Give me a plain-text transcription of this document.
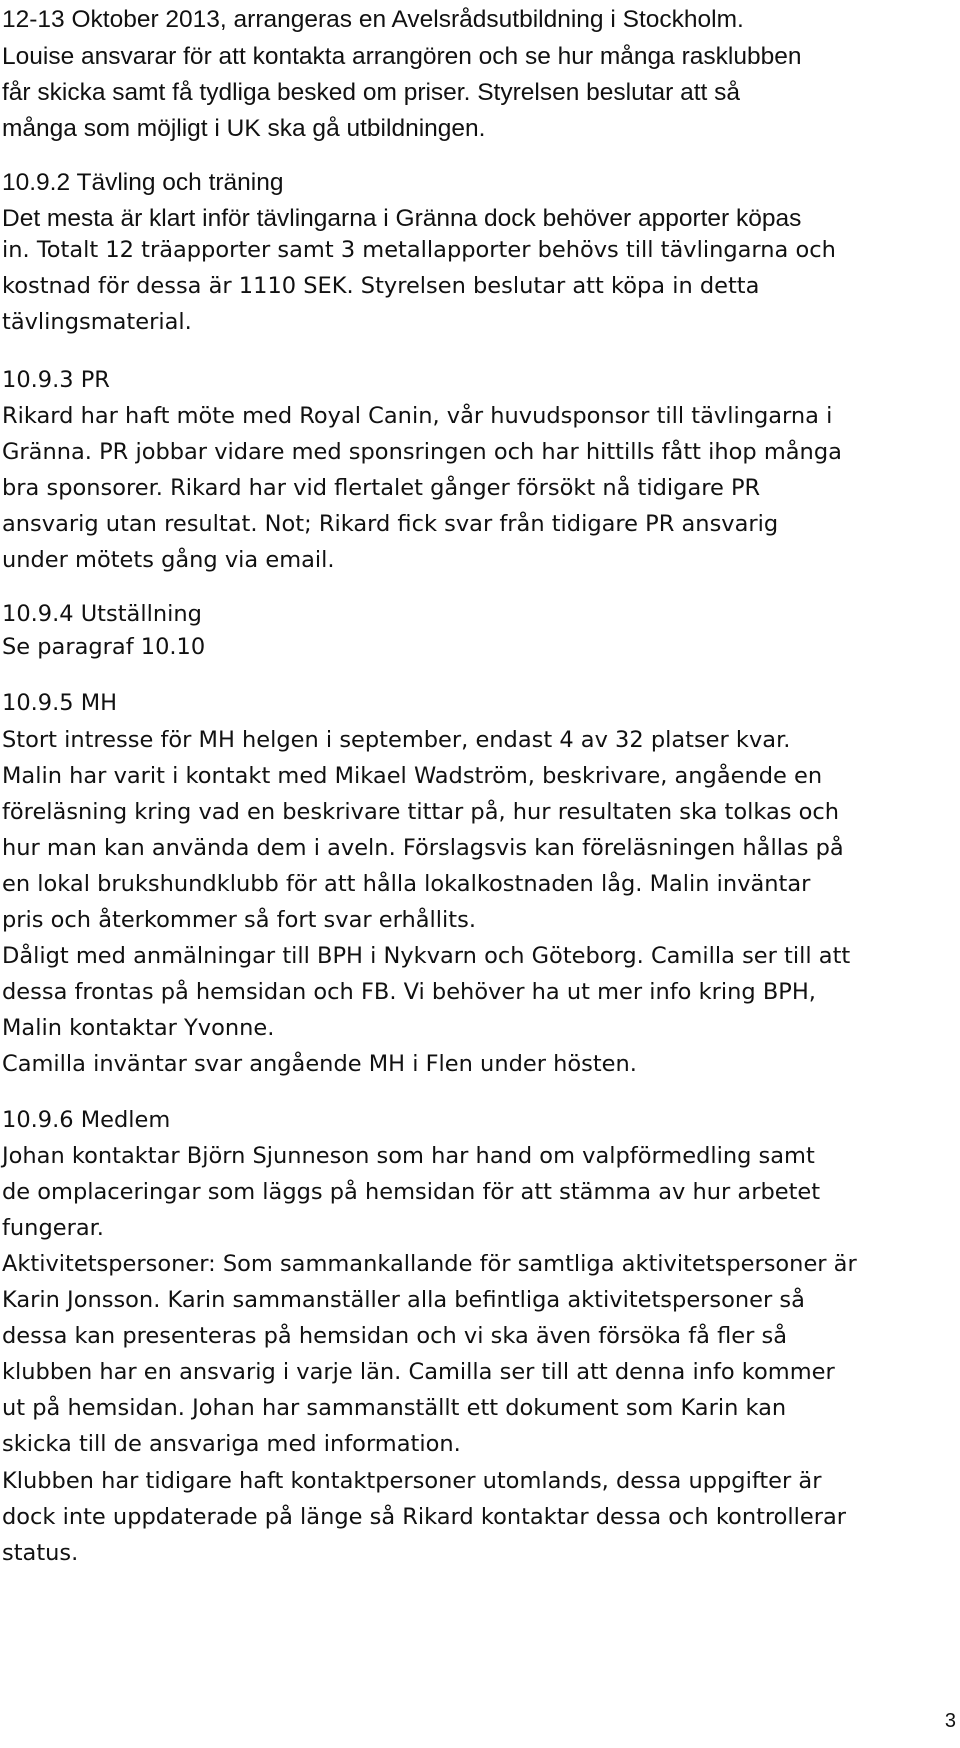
12-13 Oktober 2013, arrangeras en Avelsrådsutbildning i Stockholm.
Louise ansvarar för att kontakta arrangören och se hur många rasklubben
får skicka samt få tydliga besked om priser. Styrelsen beslutar att så
många som möjligt i UK ska gå utbildningen.
10.9.2 Tävling och träning
Det mesta är klart inför tävlingarna i Gränna dock behöver apporter köpas
in. Totalt 12 träapporter samt 3 metallapporter behövs till tävlingarna och
kostnad för dessa är 1110 SEK. Styrelsen beslutar att köpa in detta
tävlingsmaterial.
10.9.3 PR
Rikard har haft möte med Royal Canin, vår huvudsponsor till tävlingarna i
Gränna. PR jobbar vidare med sponsringen och har hittills fått ihop många
bra sponsorer. Rikard har vid flertalet gånger försökt nå tidigare PR
ansvarig utan resultat. Not; Rikard fick svar från tidigare PR ansvarig
under mötets gång via email.
10.9.4 Utställning
Se paragraf 10.10
10.9.5 MH
Stort intresse för MH helgen i september, endast 4 av 32 platser kvar.
Malin har varit i kontakt med Mikael Wadström, beskrivare, angående en
föreläsning kring vad en beskrivare tittar på, hur resultaten ska tolkas och
hur man kan använda dem i aveln. Förslagsvis kan föreläsningen hållas på
en lokal brukshundklubb för att hålla lokalkostnaden låg. Malin inväntar
pris och återkommer så fort svar erhållits.
Dåligt med anmälningar till BPH i Nykvarn och Göteborg. Camilla ser till att
dessa frontas på hemsidan och FB. Vi behöver ha ut mer info kring BPH,
Malin kontaktar Yvonne.
Camilla inväntar svar angående MH i Flen under hösten.
10.9.6 Medlem
Johan kontaktar Björn Sjunneson som har hand om valpförmedling samt
de omplaceringar som läggs på hemsidan för att stämma av hur arbetet
fungerar.
Aktivitetspersoner: Som sammankallande för samtliga aktivitetspersoner är
Karin Jonsson. Karin sammanställer alla befintliga aktivitetspersoner så
dessa kan presenteras på hemsidan och vi ska även försöka få fler så
klubben har en ansvarig i varje län. Camilla ser till att denna info kommer
ut på hemsidan. Johan har sammanställt ett dokument som Karin kan
skicka till de ansvariga med information.
Klubben har tidigare haft kontaktpersoner utomlands, dessa uppgifter är
dock inte uppdaterade på länge så Rikard kontaktar dessa och kontrollerar
status.
3
